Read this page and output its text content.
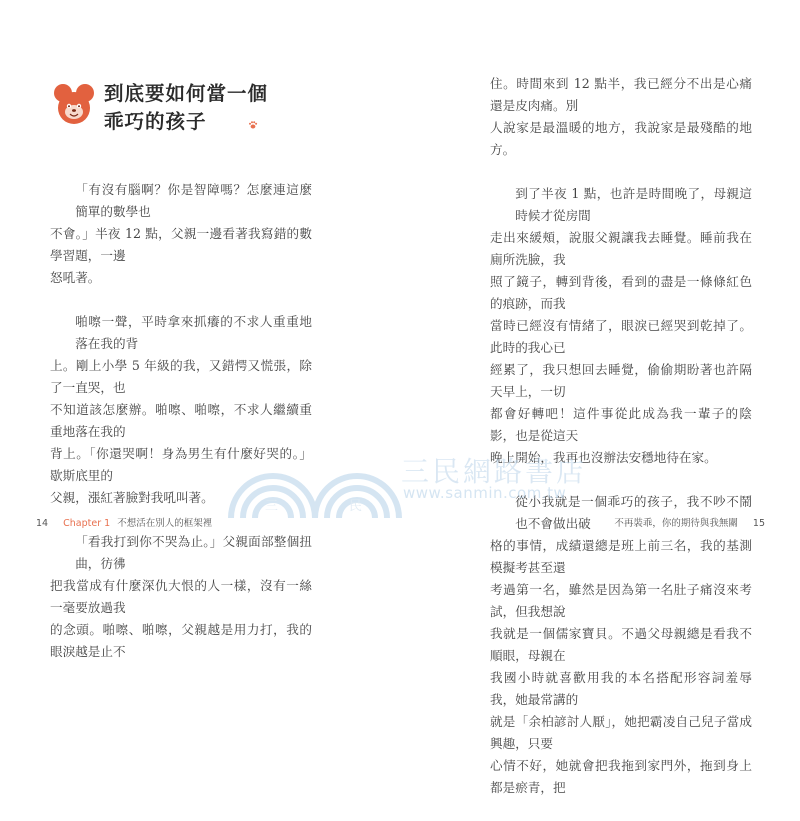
到底要如何當一個
乖巧的孩子
「有沒有腦啊？你是智障嗎？怎麼連這麼簡單的數學也
不會。」半夜 12 點，父親一邊看著我寫錯的數學習題，一邊
怒吼著。
啪嚓一聲，平時拿來抓癢的不求人重重地落在我的背
上。剛上小學 5 年級的我，又錯愕又慌張，除了一直哭，也
不知道該怎麼辦。啪嚓、啪嚓，不求人繼續重重地落在我的
背上。「你還哭啊！身為男生有什麼好哭的。」歇斯底里的
父親，漲紅著臉對我吼叫著。
「看我打到你不哭為止。」父親面部整個扭曲，彷彿
把我當成有什麼深仇大恨的人一樣，沒有一絲一毫要放過我
的念頭。啪嚓、啪嚓，父親越是用力打，我的眼淚越是止不
14 Chapter 1 不想活在別人的框架裡
住。時間來到 12 點半，我已經分不出是心痛還是皮肉痛。別
人說家是最溫暖的地方，我說家是最殘酷的地方。
到了半夜 1 點，也許是時間晚了，母親這時候才從房間
走出來緩頰，說服父親讓我去睡覺。睡前我在廁所洗臉，我
照了鏡子，轉到背後，看到的盡是一條條紅色的痕跡，而我
當時已經沒有情緒了，眼淚已經哭到乾掉了。此時的我心已
經累了，我只想回去睡覺，偷偷期盼著也許隔天早上，一切
都會好轉吧！這件事從此成為我一輩子的陰影，也是從這天
晚上開始，我再也沒辦法安穩地待在家。
從小我就是一個乖巧的孩子，我不吵不鬧也不會做出破
格的事情，成績還總是班上前三名，我的基測模擬考甚至還
考過第一名，雖然是因為第一名肚子痛沒來考試，但我想說
我就是一個儒家寶貝。不過父母親總是看我不順眼，母親在
我國小時就喜歡用我的本名搭配形容詞羞辱我，她最常講的
就是「余柏諺討人厭」，她把霸凌自己兒子當成興趣，只要
心情不好，她就會把我拖到家門外，拖到身上都是瘀青，把
不再裝乖，你的期待與我無關 15
三	民
三民網路書店
www.sanmin.com.tw
